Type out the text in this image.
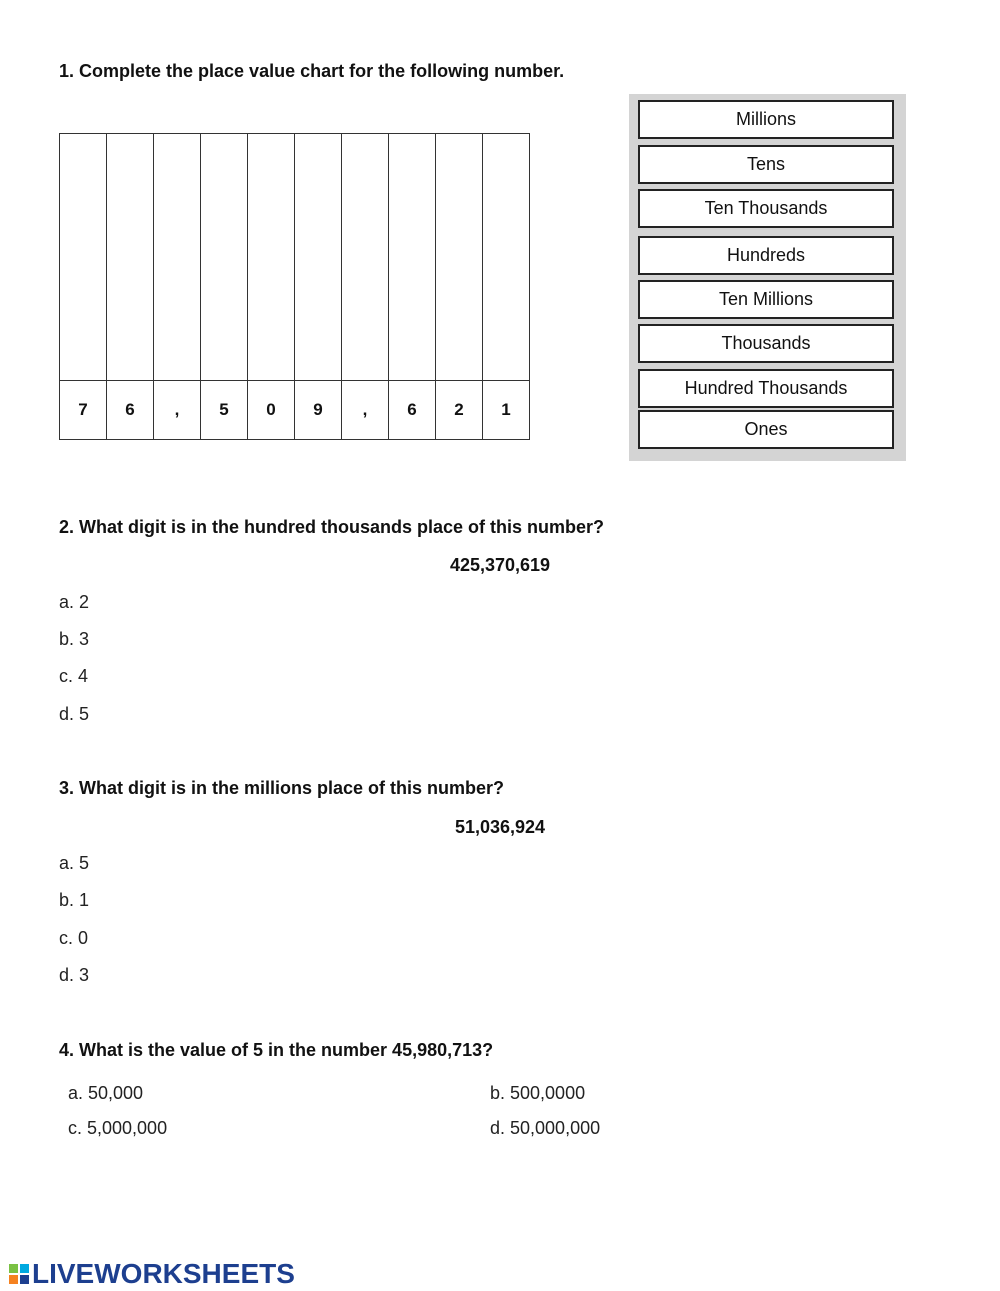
1. Complete the place value chart for the following number.

7	6	,	5	0	9	,	6	2	1
Millions
Tens
Ten Thousands
Hundreds
Ten Millions
Thousands
Hundred Thousands
Ones
2. What digit is in the hundred thousands place of this number?
425,370,619
a. 2
b. 3
c. 4
d. 5
3. What digit is in the millions place of this number?
51,036,924
a. 5
b. 1
c. 0
d. 3
4. What is the value of 5 in the number 45,980,713?
a. 50,000	b. 500,0000
c. 5,000,000	d. 50,000,000
LIVEWORKSHEETS
